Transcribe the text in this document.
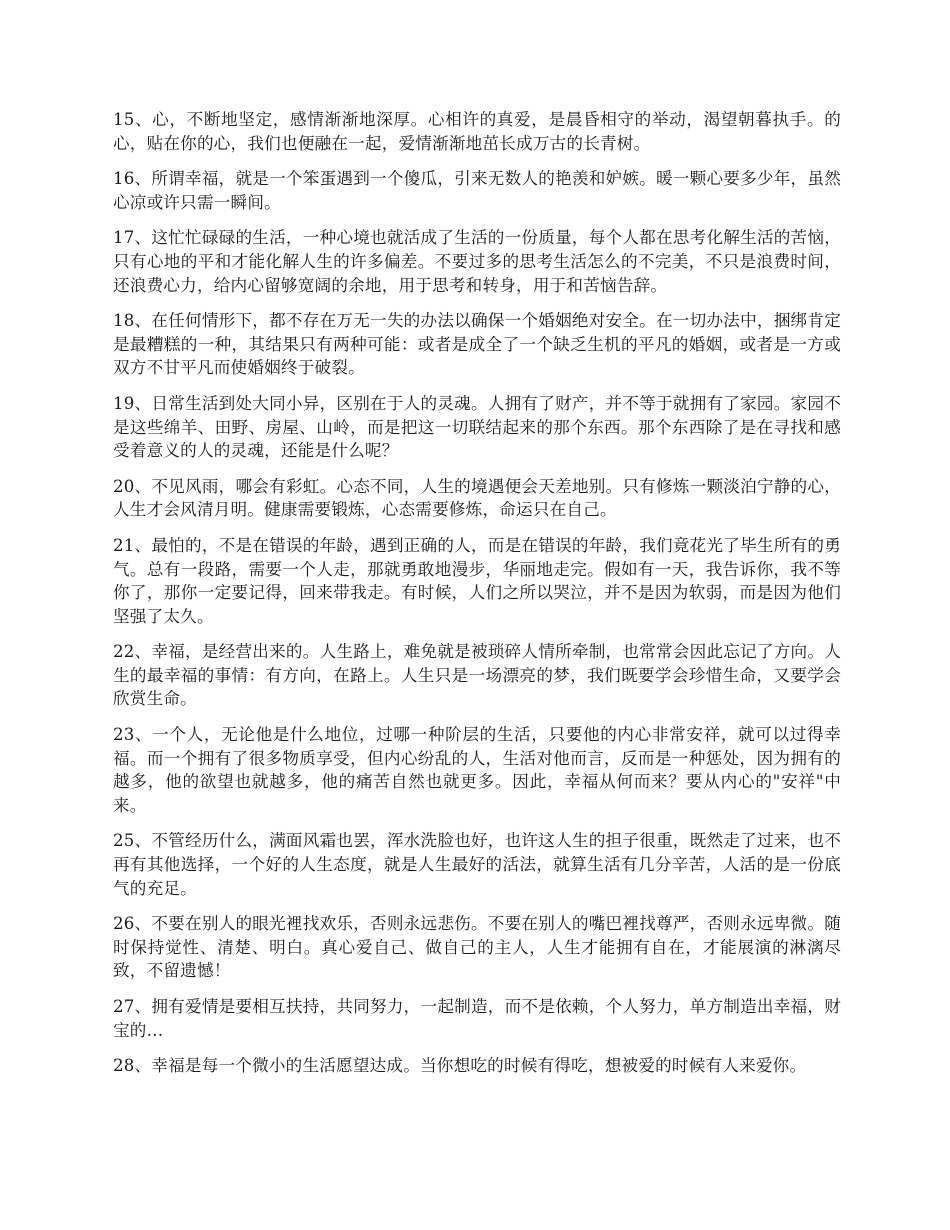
15、心，不断地坚定，感情渐渐地深厚。心相许的真爱，是晨昏相守的举动，渴望朝暮执手。的心，贴在你的心，我们也便融在一起，爱情渐渐地茁长成万古的长青树。

16、所谓幸福，就是一个笨蛋遇到一个傻瓜，引来无数人的艳羡和妒嫉。暖一颗心要多少年，虽然心凉或许只需一瞬间。

17、这忙忙碌碌的生活，一种心境也就活成了生活的一份质量，每个人都在思考化解生活的苦恼，只有心地的平和才能化解人生的许多偏差。不要过多的思考生活怎么的不完美，不只是浪费时间，还浪费心力，给内心留够宽阔的余地，用于思考和转身，用于和苦恼告辞。

18、在任何情形下，都不存在万无一失的办法以确保一个婚姻绝对安全。在一切办法中，捆绑肯定是最糟糕的一种，其结果只有两种可能：或者是成全了一个缺乏生机的平凡的婚姻，或者是一方或双方不甘平凡而使婚姻终于破裂。

19、日常生活到处大同小异，区别在于人的灵魂。人拥有了财产，并不等于就拥有了家园。家园不是这些绵羊、田野、房屋、山岭，而是把这一切联结起来的那个东西。那个东西除了是在寻找和感受着意义的人的灵魂，还能是什么呢？

20、不见风雨，哪会有彩虹。心态不同，人生的境遇便会天差地别。只有修炼一颗淡泊宁静的心，人生才会风清月明。健康需要锻炼，心态需要修炼，命运只在自己。

21、最怕的，不是在错误的年龄，遇到正确的人，而是在错误的年龄，我们竟花光了毕生所有的勇气。总有一段路，需要一个人走，那就勇敢地漫步，华丽地走完。假如有一天，我告诉你，我不等你了，那你一定要记得，回来带我走。有时候，人们之所以哭泣，并不是因为软弱，而是因为他们坚强了太久。

22、幸福，是经营出来的。人生路上，难免就是被琐碎人情所牵制，也常常会因此忘记了方向。人生的最幸福的事情：有方向，在路上。人生只是一场漂亮的梦，我们既要学会珍惜生命，又要学会欣赏生命。

23、一个人，无论他是什么地位，过哪一种阶层的生活，只要他的内心非常安祥，就可以过得幸福。而一个拥有了很多物质享受，但内心纷乱的人，生活对他而言，反而是一种惩处，因为拥有的越多，他的欲望也就越多，他的痛苦自然也就更多。因此，幸福从何而来？要从内心的"安祥"中来。

25、不管经历什么，满面风霜也罢，浑水洗脸也好，也许这人生的担子很重，既然走了过来，也不再有其他选择，一个好的人生态度，就是人生最好的活法，就算生活有几分辛苦，人活的是一份底气的充足。

26、不要在别人的眼光裡找欢乐，否则永远悲伤。不要在别人的嘴巴裡找尊严，否则永远卑微。随时保持觉性、清楚、明白。真心爱自己、做自己的主人，人生才能拥有自在，才能展演的淋漓尽致，不留遗憾！

27、拥有爱情是要相互扶持，共同努力，一起制造，而不是依赖，个人努力，单方制造出幸福，财宝的…

28、幸福是每一个微小的生活愿望达成。当你想吃的时候有得吃，想被爱的时候有人来爱你。
